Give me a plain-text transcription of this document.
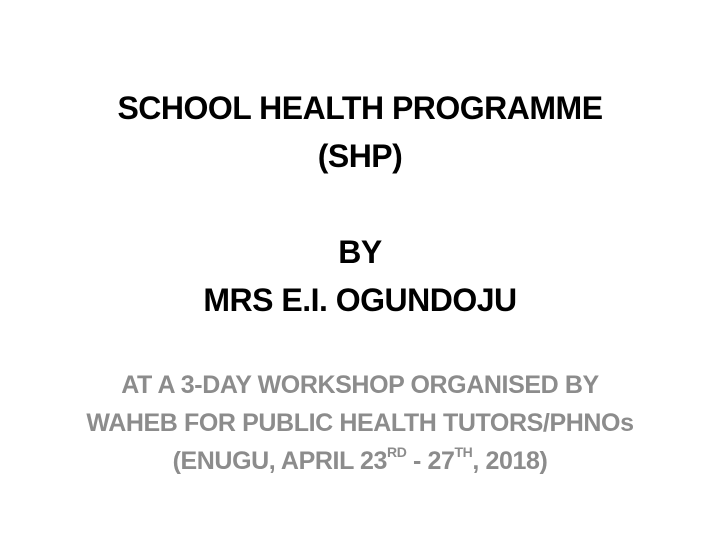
SCHOOL HEALTH PROGRAMME
(SHP)
BY
MRS E.I. OGUNDOJU
AT A 3-DAY WORKSHOP ORGANISED BY
WAHEB FOR PUBLIC HEALTH TUTORS/PHNOs
(ENUGU, APRIL 23RD - 27TH, 2018)
